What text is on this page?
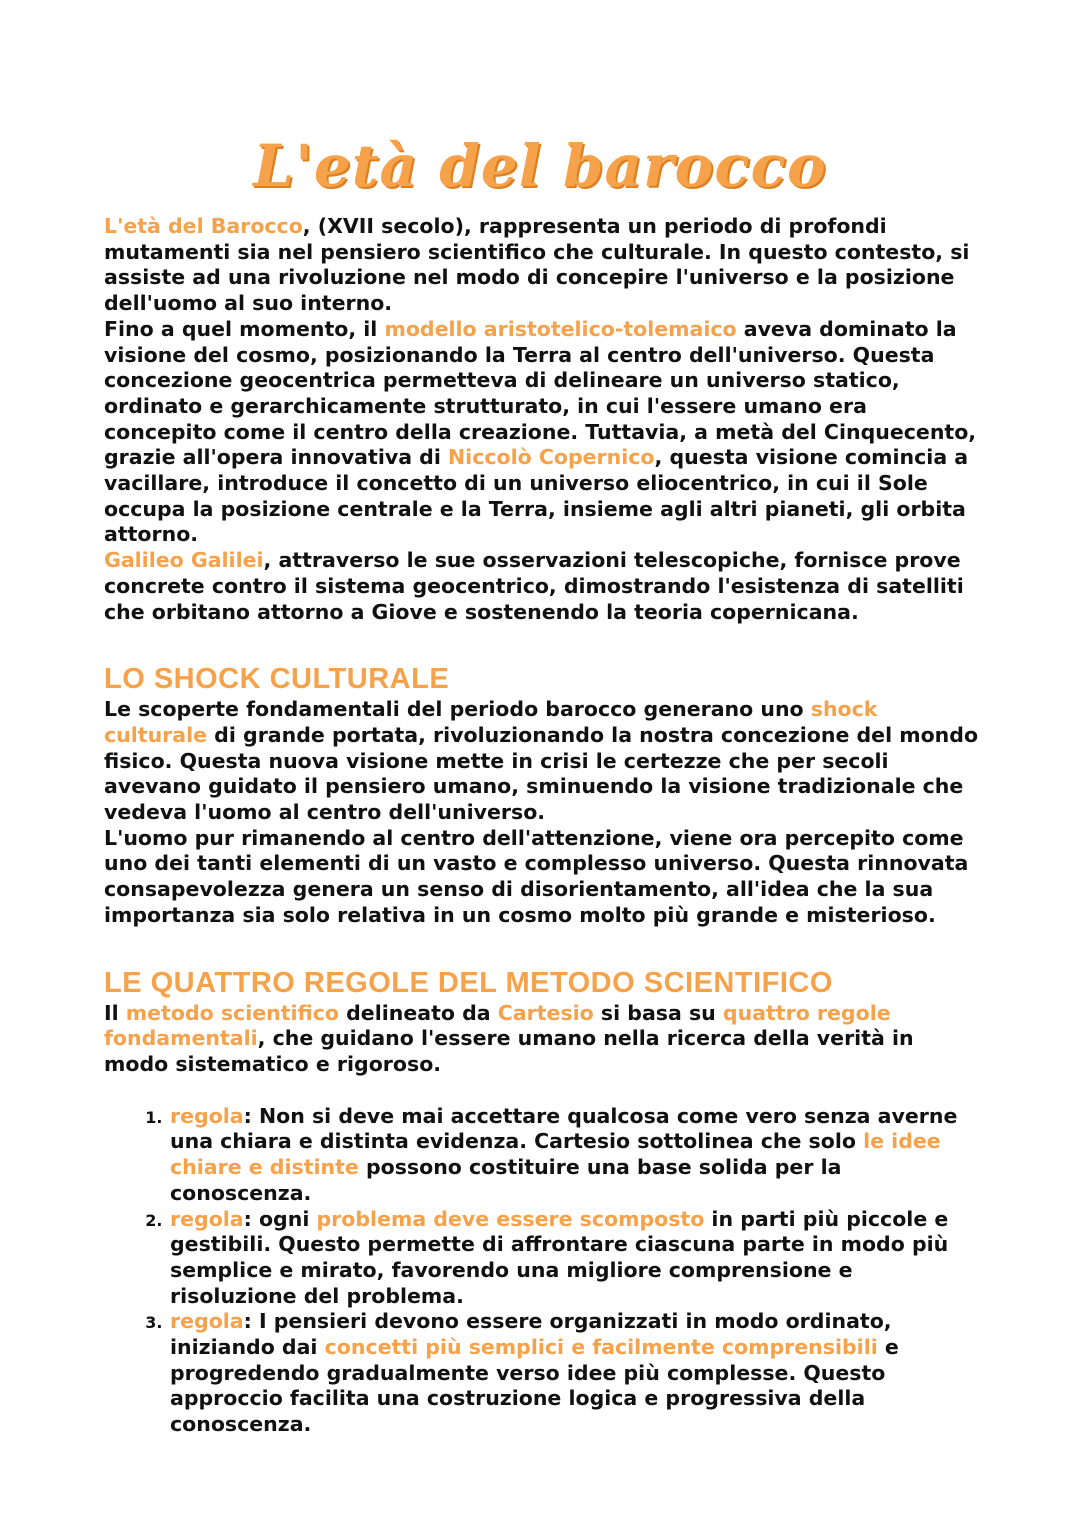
L'età del barocco

L'età del Barocco, (XVII secolo), rappresenta un periodo di profondi mutamenti sia nel pensiero scientifico che culturale. In questo contesto, si assiste ad una rivoluzione nel modo di concepire l'universo e la posizione dell'uomo al suo interno.

Fino a quel momento, il modello aristotelico-tolemaico aveva dominato la visione del cosmo, posizionando la Terra al centro dell'universo. Questa concezione geocentrica permetteva di delineare un universo statico, ordinato e gerarchicamente strutturato, in cui l'essere umano era concepito come il centro della creazione. Tuttavia, a metà del Cinquecento, grazie all'opera innovativa di Niccolò Copernico, questa visione comincia a vacillare, introduce il concetto di un universo eliocentrico, in cui il Sole occupa la posizione centrale e la Terra, insieme agli altri pianeti, gli orbita attorno.

Galileo Galilei, attraverso le sue osservazioni telescopiche, fornisce prove concrete contro il sistema geocentrico, dimostrando l'esistenza di satelliti che orbitano attorno a Giove e sostenendo la teoria copernicana.

LO SHOCK CULTURALE

Le scoperte fondamentali del periodo barocco generano uno shock culturale di grande portata, rivoluzionando la nostra concezione del mondo fisico. Questa nuova visione mette in crisi le certezze che per secoli avevano guidato il pensiero umano, sminuendo la visione tradizionale che vedeva l'uomo al centro dell'universo.

L'uomo pur rimanendo al centro dell'attenzione, viene ora percepito come uno dei tanti elementi di un vasto e complesso universo. Questa rinnovata consapevolezza genera un senso di disorientamento, all'idea che la sua importanza sia solo relativa in un cosmo molto più grande e misterioso.

LE QUATTRO REGOLE DEL METODO SCIENTIFICO

Il metodo scientifico delineato da Cartesio si basa su quattro regole fondamentali, che guidano l'essere umano nella ricerca della verità in modo sistematico e rigoroso.

1. regola: Non si deve mai accettare qualcosa come vero senza averne una chiara e distinta evidenza. Cartesio sottolinea che solo le idee chiare e distinte possono costituire una base solida per la conoscenza.
2. regola: ogni problema deve essere scomposto in parti più piccole e gestibili. Questo permette di affrontare ciascuna parte in modo più semplice e mirato, favorendo una migliore comprensione e risoluzione del problema.
3. regola: I pensieri devono essere organizzati in modo ordinato, iniziando dai concetti più semplici e facilmente comprensibili e progredendo gradualmente verso idee più complesse. Questo approccio facilita una costruzione logica e progressiva della conoscenza.
